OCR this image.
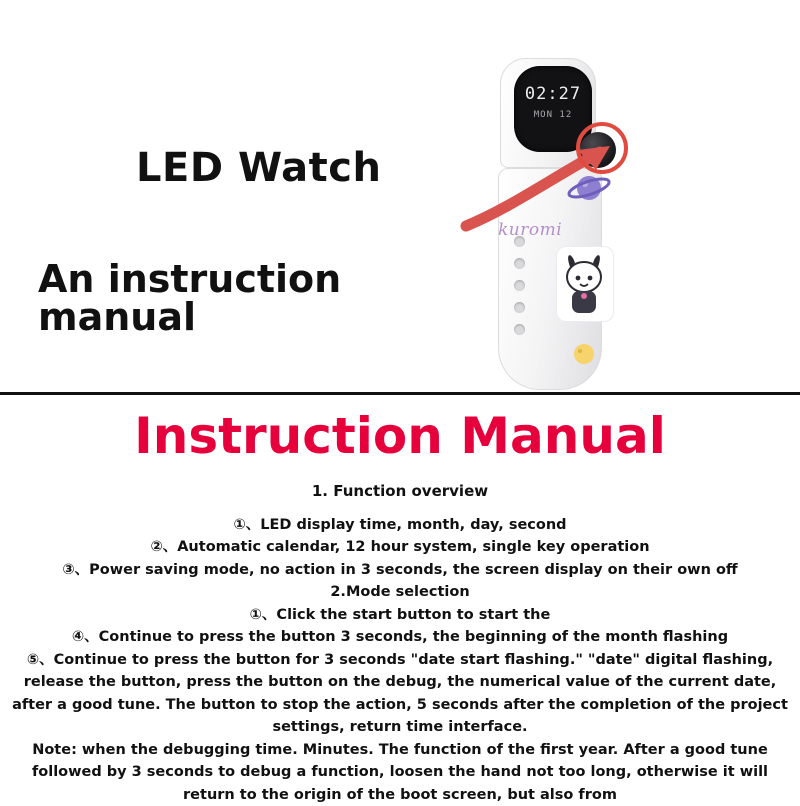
LED Watch
An instruction manual
02:27
MON 12
kuromi
Instruction Manual
1. Function overview
①、LED display time, month, day, second
②、Automatic calendar, 12 hour system, single key operation
③、Power saving mode, no action in 3 seconds, the screen display on their own off
2.Mode selection
①、Click the start button to start the
④、Continue to press the button 3 seconds, the beginning of the month flashing
⑤、Continue to press the button for 3 seconds "date start flashing." "date" digital flashing, release the button, press the button on the debug, the numerical value of the current date, after a good tune. The button to stop the action, 5 seconds after the completion of the project settings, return time interface.
Note: when the debugging time. Minutes. The function of the first year. After a good tune followed by 3 seconds to debug a function, loosen the hand not too long, otherwise it will return to the origin of the boot screen, but also from
